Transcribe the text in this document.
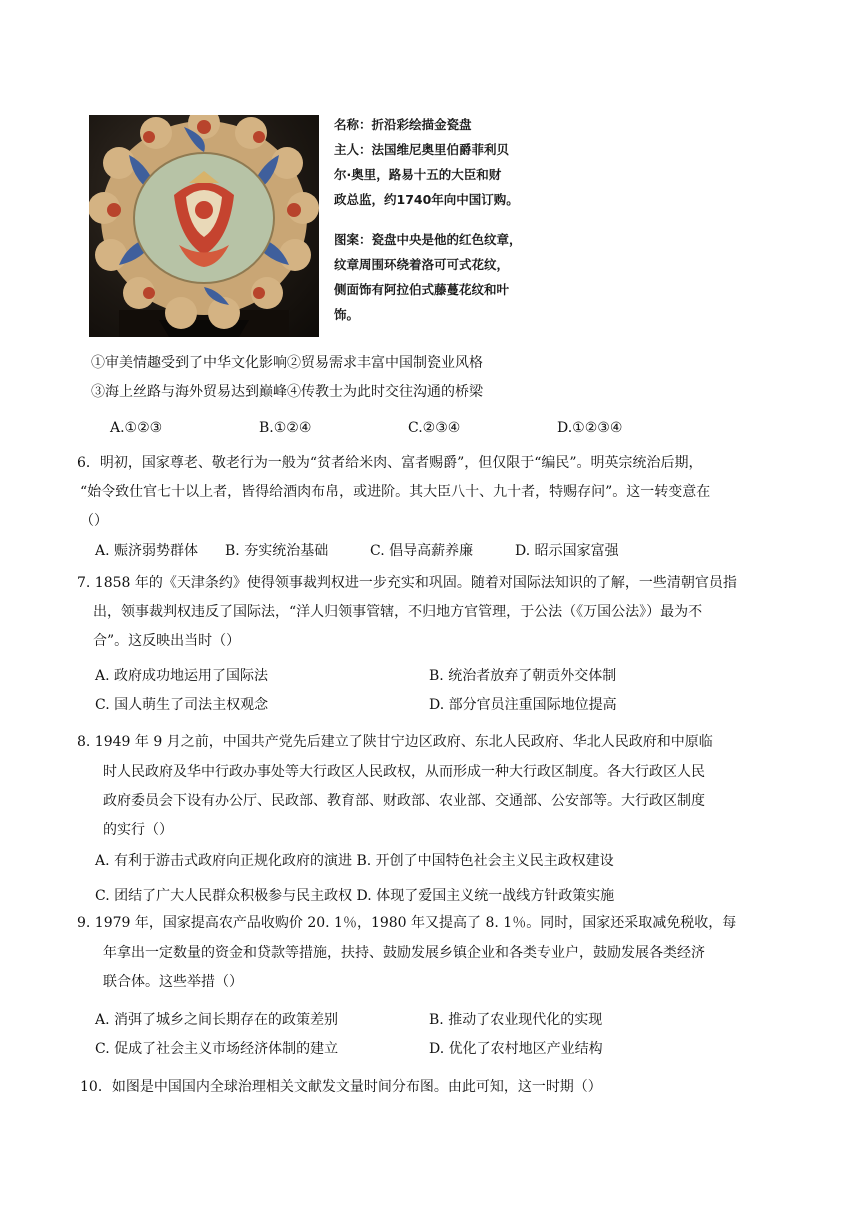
名称：折沿彩绘描金瓷盘
主人：法国维尼奥里伯爵菲利贝
尔·奥里，路易十五的大臣和财
政总监，约1740年向中国订购。
图案：瓷盘中央是他的红色纹章，
纹章周围环绕着洛可可式花纹，
侧面饰有阿拉伯式藤蔓花纹和叶
饰。
①审美情趣受到了中华文化影响②贸易需求丰富中国制瓷业风格
③海上丝路与海外贸易达到巅峰④传教士为此时交往沟通的桥梁
A.①②③	B.①②④	C.②③④	D.①②③④
6．明初，国家尊老、敬老行为一般为“贫者给米肉、富者赐爵”，但仅限于“编民”。明英宗统治后期，
“始令致仕官七十以上者，皆得给酒肉布帛，或进阶。其大臣八十、九十者，特赐存问”。这一转变意在
（）
A. 赈济弱势群体 B. 夯实统治基础	C. 倡导高薪养廉	D. 昭示国家富强
7. 1858 年的《天津条约》使得领事裁判权进一步充实和巩固。随着对国际法知识的了解，一些清朝官员指
出，领事裁判权违反了国际法，“洋人归领事管辖，不归地方官管理，于公法（《万国公法》）最为不
合”。这反映出当时（）
A. 政府成功地运用了国际法	B. 统治者放弃了朝贡外交体制
C. 国人萌生了司法主权观念	D. 部分官员注重国际地位提高
8. 1949 年 9 月之前，中国共产党先后建立了陕甘宁边区政府、东北人民政府、华北人民政府和中原临
时人民政府及华中行政办事处等大行政区人民政权，从而形成一种大行政区制度。各大行政区人民
政府委员会下设有办公厅、民政部、教育部、财政部、农业部、交通部、公安部等。大行政区制度
的实行（）
A. 有利于游击式政府向正规化政府的演进 B. 开创了中国特色社会主义民主政权建设
C. 团结了广大人民群众积极参与民主政权 D. 体现了爱国主义统一战线方针政策实施
9. 1979 年，国家提高农产品收购价 20. 1％，1980 年又提高了 8. 1％。同时，国家还采取减免税收，每
年拿出一定数量的资金和贷款等措施，扶持、鼓励发展乡镇企业和各类专业户，鼓励发展各类经济
联合体。这些举措（）
A. 消弭了城乡之间长期存在的政策差别	B. 推动了农业现代化的实现
C. 促成了社会主义市场经济体制的建立	D. 优化了农村地区产业结构
10．如图是中国国内全球治理相关文献发文量时间分布图。由此可知，这一时期（）
